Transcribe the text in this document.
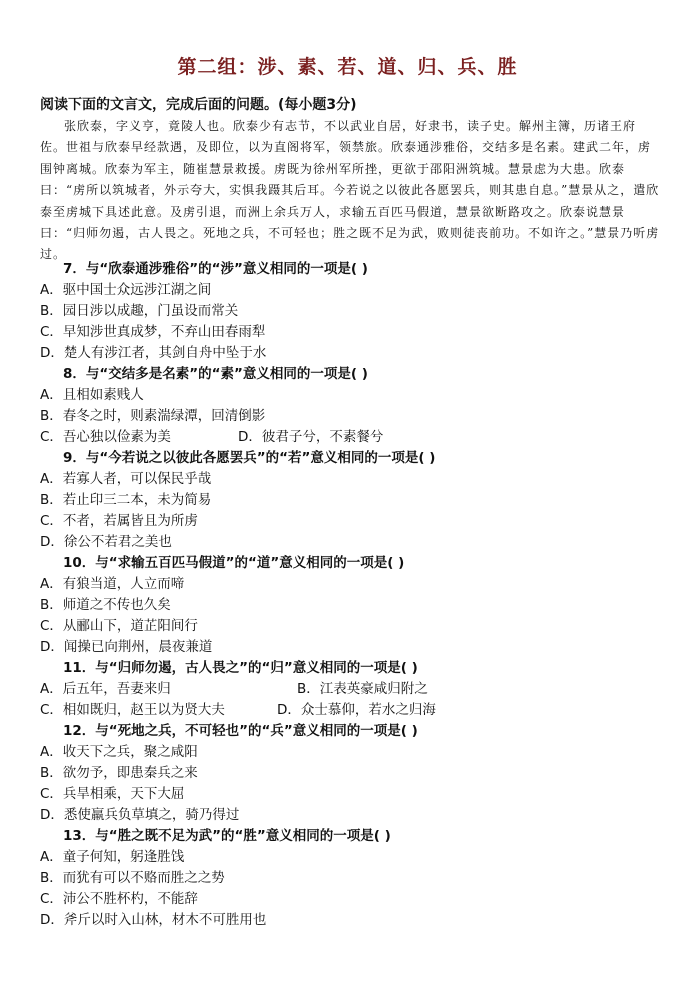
第二组：涉、素、若、道、归、兵、胜
阅读下面的文言文，完成后面的问题。(每小题3分)

张欣泰，字义亨，竟陵人也。欣泰少有志节，不以武业自居，好隶书，读子史。解州主簿，历诸王府佐。世祖与欣泰早经款遇，及即位，以为直阁将军，领禁旅。欣泰通涉雅俗，交结多是名素。建武二年，虏围钟离城。欣泰为军主，随崔慧景救援。虏既为徐州军所挫，更欲于邵阳洲筑城。慧景虑为大患。欣泰曰：“虏所以筑城者，外示夸大，实惧我蹑其后耳。今若说之以彼此各愿罢兵，则其患自息。”慧景从之，遣欣泰至虏城下具述此意。及虏引退，而洲上余兵万人，求输五百匹马假道，慧景欲断路攻之。欣泰说慧景曰：“归师勿遏，古人畏之。死地之兵，不可轻也；胜之既不足为武，败则徒丧前功。不如许之。”慧景乃听虏过。

7．与“欣泰通涉雅俗”的“涉”意义相同的一项是( )
A．驱中国士众远涉江湖之间
B．园日涉以成趣，门虽设而常关
C．早知涉世真成梦，不弃山田春雨犁
D．楚人有涉江者，其剑自舟中坠于水
8．与“交结多是名素”的“素”意义相同的一项是( )
A．且相如素贱人
B．春冬之时，则素湍绿潭，回清倒影
C．吾心独以俭素为美	D．彼君子兮，不素餐兮
9．与“今若说之以彼此各愿罢兵”的“若”意义相同的一项是( )
A．若寡人者，可以保民乎哉
B．若止印三二本，未为简易
C．不者，若属皆且为所虏
D．徐公不若君之美也
10．与“求输五百匹马假道”的“道”意义相同的一项是( )
A．有狼当道，人立而啼
B．师道之不传也久矣
C．从郦山下，道芷阳间行
D．闻操已向荆州，晨夜兼道
11．与“归师勿遏，古人畏之”的“归”意义相同的一项是( )
A．后五年，吾妻来归	B．江表英豪咸归附之
C．相如既归，赵王以为贤大夫	D．众士慕仰，若水之归海
12．与“死地之兵，不可轻也”的“兵”意义相同的一项是( )
A．收天下之兵，聚之咸阳
B．欲勿予，即患秦兵之来
C．兵旱相乘，天下大屈
D．悉使羸兵负草填之，骑乃得过
13．与“胜之既不足为武”的“胜”意义相同的一项是( )
A．童子何知，躬逢胜饯
B．而犹有可以不赂而胜之之势
C．沛公不胜杯杓，不能辞
D．斧斤以时入山林，材木不可胜用也
